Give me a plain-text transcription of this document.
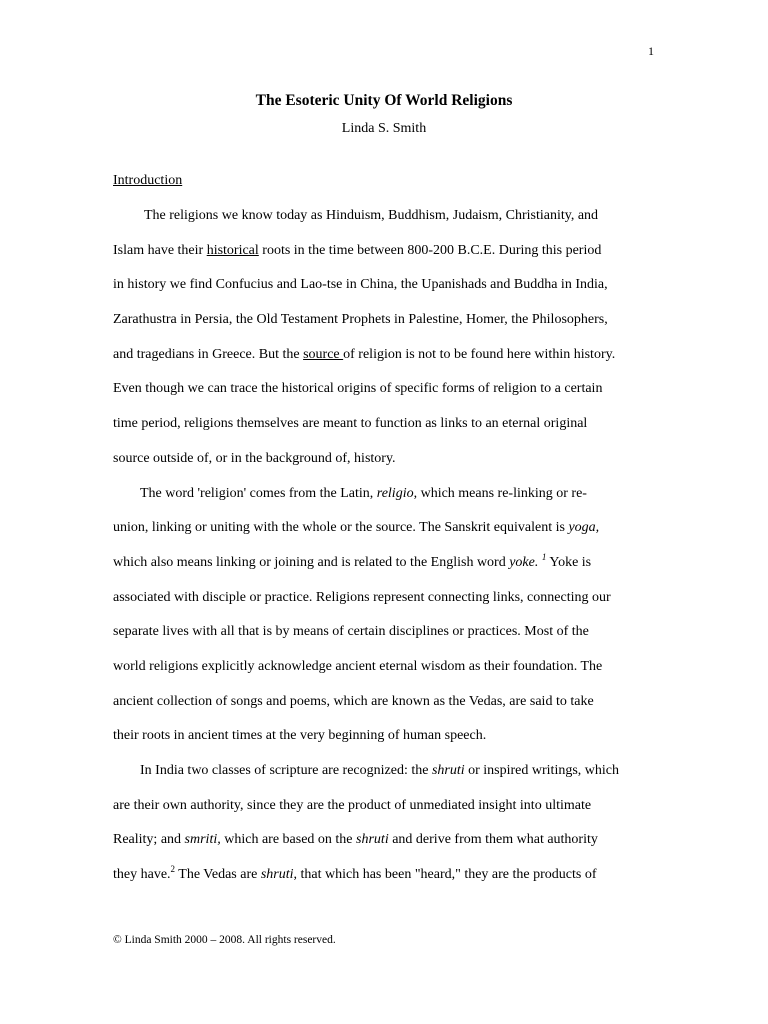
1
The Esoteric Unity Of World Religions
Linda S. Smith
Introduction
The religions we know today as Hinduism, Buddhism, Judaism, Christianity, and
Islam have their historical roots in the time between 800-200 B.C.E. During this period
in history we find Confucius and Lao-tse in China, the Upanishads and Buddha in India,
Zarathustra in Persia, the Old Testament Prophets in Palestine, Homer, the Philosophers,
and tragedians in Greece. But the source of religion is not to be found here within history.
Even though we can trace the historical origins of specific forms of religion to a certain
time period, religions themselves are meant to function as links to an eternal original
source outside of, or in the background of, history.
The word 'religion' comes from the Latin, religio, which means re-linking or re-
union, linking or uniting with the whole or the source. The Sanskrit equivalent is yoga,
which also means linking or joining and is related to the English word yoke. $^1$ Yoke is
associated with disciple or practice. Religions represent connecting links, connecting our
separate lives with all that is by means of certain disciplines or practices. Most of the
world religions explicitly acknowledge ancient eternal wisdom as their foundation. The
ancient collection of songs and poems, which are known as the Vedas, are said to take
their roots in ancient times at the very beginning of human speech.
In India two classes of scripture are recognized: the shruti or inspired writings, which
are their own authority, since they are the product of unmediated insight into ultimate
Reality; and smriti, which are based on the shruti and derive from them what authority
they have.$^2$ The Vedas are shruti, that which has been "heard," they are the products of
© Linda Smith 2000 – 2008. All rights reserved.
